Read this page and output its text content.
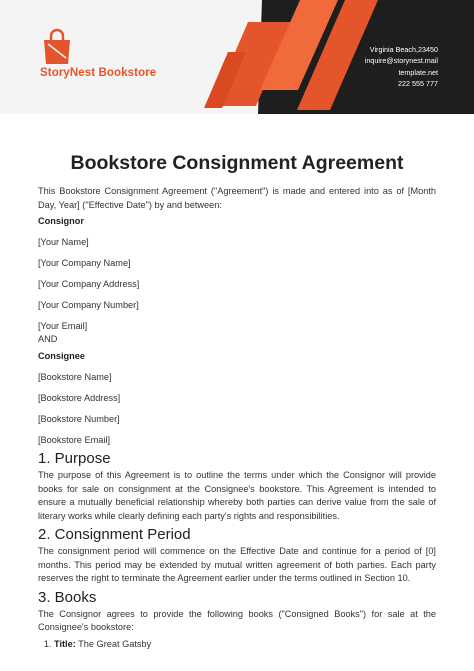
StoryNest Bookstore
Virginia Beach,23450
inquire@storynest.mail
template.net
222 555 777
Bookstore Consignment Agreement

This Bookstore Consignment Agreement ("Agreement") is made and entered into as of [Month Day, Year] ("Effective Date") by and between:

Consignor
[Your Name]
[Your Company Name]
[Your Company Address]
[Your Company Number]
[Your Email]
AND
Consignee
[Bookstore Name]
[Bookstore Address]
[Bookstore Number]
[Bookstore Email]
1. Purpose

The purpose of this Agreement is to outline the terms under which the Consignor will provide books for sale on consignment at the Consignee's bookstore. This Agreement is intended to ensure a mutually beneficial relationship whereby both parties can derive value from the sale of literary works while clearly defining each party's rights and responsibilities.

2. Consignment Period

The consignment period will commence on the Effective Date and continue for a period of [0] months. This period may be extended by mutual written agreement of both parties. Each party reserves the right to terminate the Agreement earlier under the terms outlined in Section 10.

3. Books

The Consignor agrees to provide the following books ("Consigned Books") for sale at the Consignee's bookstore:

1. Title: The Great Gatsby
